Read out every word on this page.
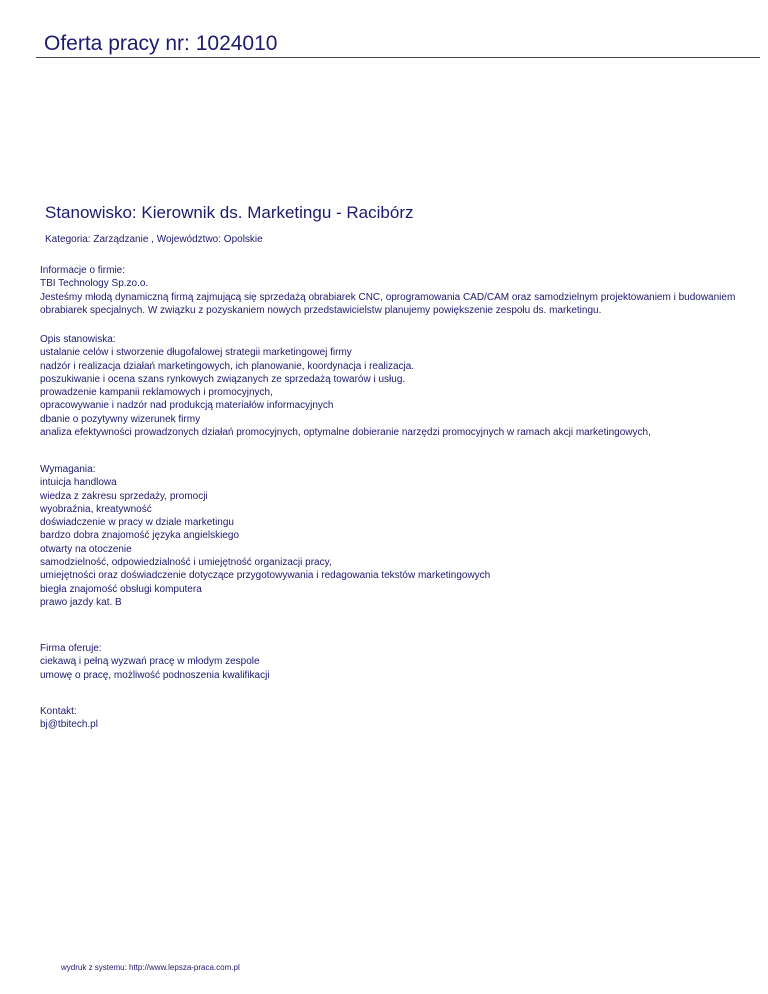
Oferta pracy nr: 1024010
Stanowisko: Kierownik ds. Marketingu - Racibórz
Kategoria: Zarządzanie , Województwo: Opolskie
Informacje o firmie:
TBI Technology Sp.zo.o.
Jesteśmy młodą dynamiczną firmą zajmującą się sprzedażą obrabiarek CNC, oprogramowania CAD/CAM oraz samodzielnym projektowaniem i budowaniem obrabiarek specjalnych. W związku z pozyskaniem nowych przedstawicielstw planujemy powiększenie zespołu ds. marketingu.
Opis stanowiska:
ustalanie celów i stworzenie długofalowej strategii marketingowej firmy
nadzór i realizacja działań marketingowych, ich planowanie, koordynacja i realizacja.
poszukiwanie i ocena szans rynkowych związanych ze sprzedażą towarów i usług.
prowadzenie kampanii reklamowych i promocyjnych,
opracowywanie i nadzór nad produkcją materiałów informacyjnych
dbanie o pozytywny wizerunek firmy
analiza efektywności prowadzonych działań promocyjnych, optymalne dobieranie narzędzi promocyjnych w ramach akcji marketingowych,
Wymagania:
intuicja handlowa
wiedza z zakresu sprzedaży, promocji
wyobraźnia, kreatywność
doświadczenie w pracy w dziale marketingu
bardzo dobra znajomość języka angielskiego
otwarty na otoczenie
samodzielność, odpowiedzialność i umiejętność organizacji pracy,
umiejętności oraz doświadczenie dotyczące przygotowywania i redagowania tekstów marketingowych
biegła znajomość obsługi komputera
prawo jazdy kat. B
Firma oferuje:
ciekawą i pełną wyzwań pracę w młodym zespole
umowę o pracę, możliwość podnoszenia kwalifikacji
Kontakt:
bj@tbitech.pl
wydruk z systemu: http://www.lepsza-praca.com.pl
